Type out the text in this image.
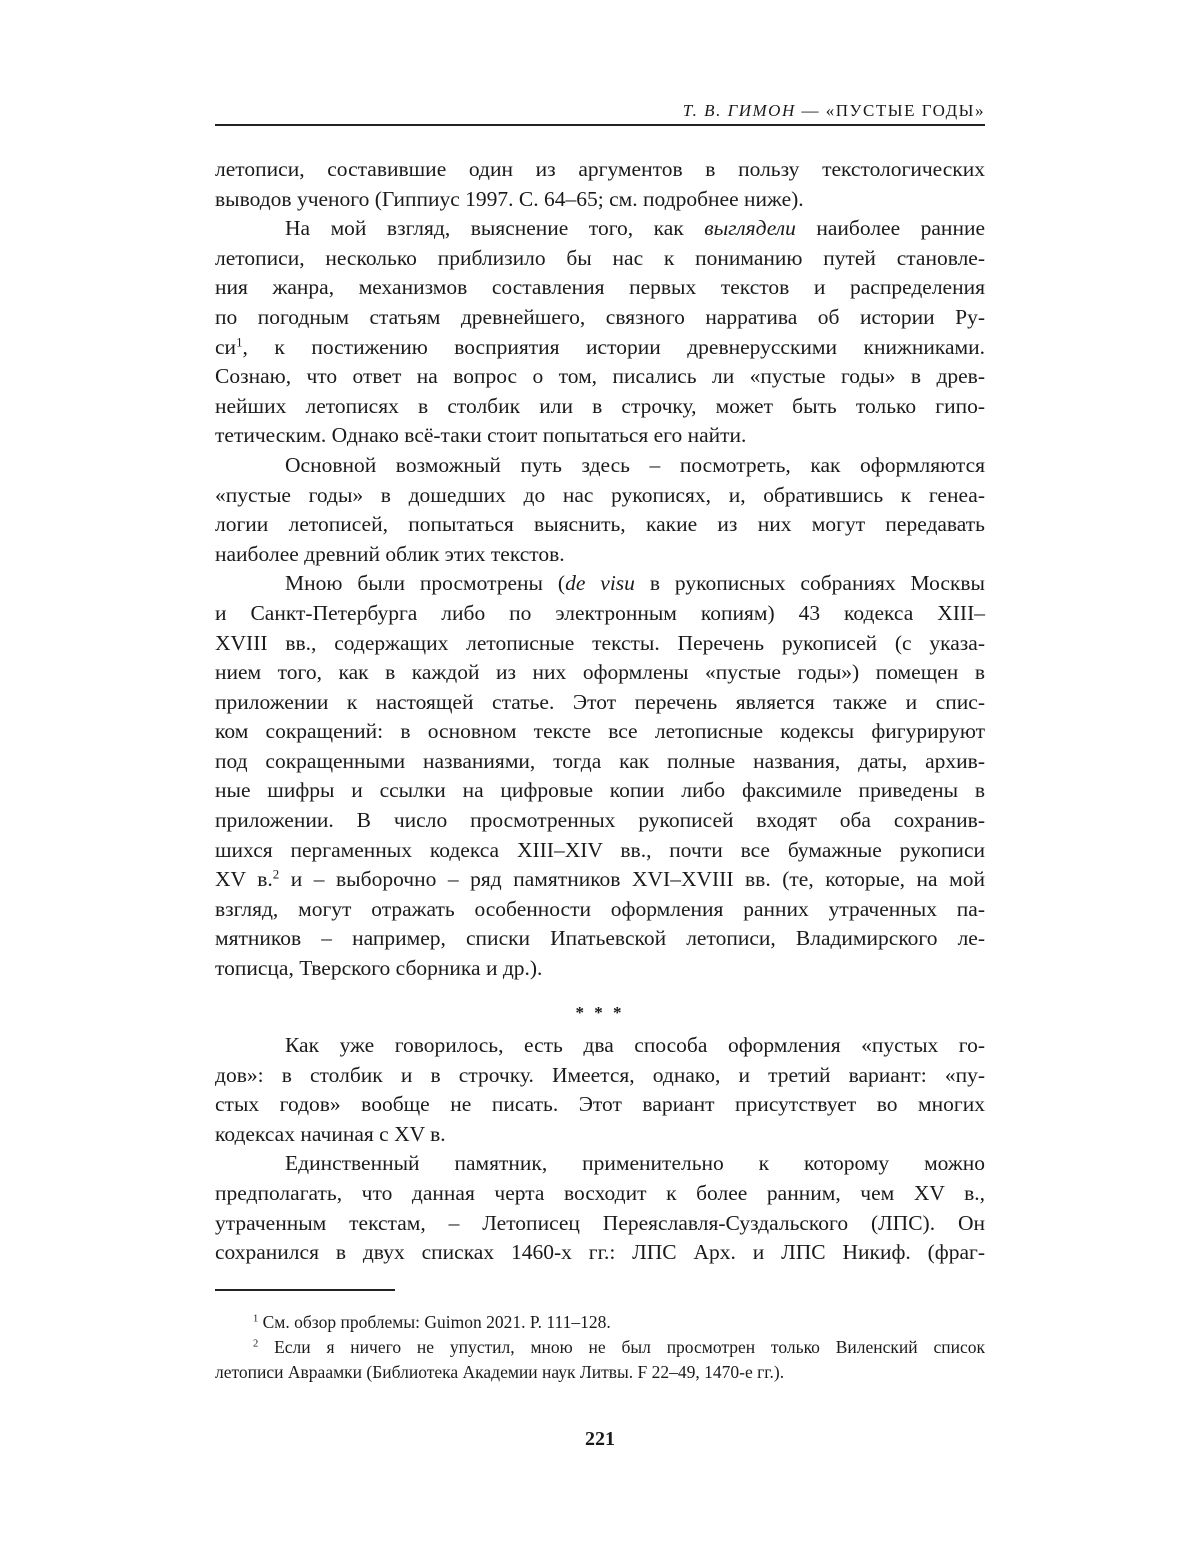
Т. В. ГИМОН — «ПУСТЫЕ ГОДЫ»
летописи, составившие один из аргументов в пользу текстологических
выводов ученого (Гиппиус 1997. С. 64–65; см. подробнее ниже).
На мой взгляд, выяснение того, как выглядели наиболее ранние
летописи, несколько приблизило бы нас к пониманию путей становле-
ния жанра, механизмов составления первых текстов и распределения
по погодным статьям древнейшего, связного нарратива об истории Ру-
си1, к постижению восприятия истории древнерусскими книжниками.
Сознаю, что ответ на вопрос о том, писались ли «пустые годы» в древ-
нейших летописях в столбик или в строчку, может быть только гипо-
тетическим. Однако всё-таки стоит попытаться его найти.
Основной возможный путь здесь – посмотреть, как оформляются
«пустые годы» в дошедших до нас рукописях, и, обратившись к генеа-
логии летописей, попытаться выяснить, какие из них могут передавать
наиболее древний облик этих текстов.
Мною были просмотрены (de visu в рукописных собраниях Москвы
и Санкт-Петербурга либо по электронным копиям) 43 кодекса XIII–
XVIII вв., содержащих летописные тексты. Перечень рукописей (с указа-
нием того, как в каждой из них оформлены «пустые годы») помещен в
приложении к настоящей статье. Этот перечень является также и спис-
ком сокращений: в основном тексте все летописные кодексы фигурируют
под сокращенными названиями, тогда как полные названия, даты, архив-
ные шифры и ссылки на цифровые копии либо факсимиле приведены в
приложении. В число просмотренных рукописей входят оба сохранив-
шихся пергаменных кодекса XIII–XIV вв., почти все бумажные рукописи
XV в.2 и – выборочно – ряд памятников XVI–XVIII вв. (те, которые, на мой
взгляд, могут отражать особенности оформления ранних утраченных па-
мятников – например, списки Ипатьевской летописи, Владимирского ле-
тописца, Тверского сборника и др.).
* * *
Как уже говорилось, есть два способа оформления «пустых го-
дов»: в столбик и в строчку. Имеется, однако, и третий вариант: «пу-
стых годов» вообще не писать. Этот вариант присутствует во многих
кодексах начиная с XV в.
Единственный памятник, применительно к которому можно
предполагать, что данная черта восходит к более ранним, чем XV в.,
утраченным текстам, – Летописец Переяславля-Суздальского (ЛПС). Он
сохранился в двух списках 1460-х гг.: ЛПС Арх. и ЛПС Никиф. (фраг-
1 См. обзор проблемы: Guimon 2021. P. 111–128.
2 Если я ничего не упустил, мною не был просмотрен только Виленский список
летописи Авраамки (Библиотека Академии наук Литвы. F 22–49, 1470-е гг.).
221
